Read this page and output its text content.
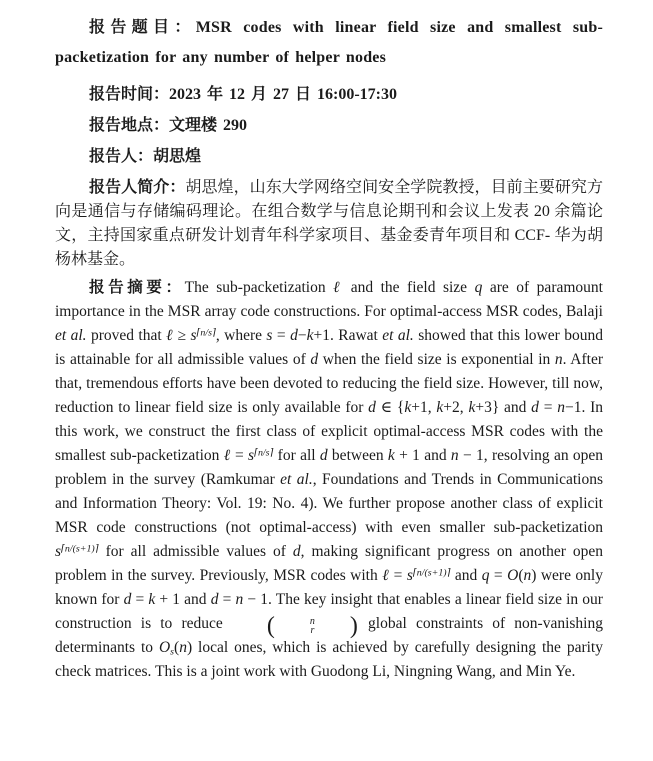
报告题目：MSR codes with linear field size and smallest sub-packetization for any number of helper nodes

报告时间：2023 年 12 月 27 日 16:00-17:30

报告地点：文理楼 290

报告人：胡思煌

报告人简介：胡思煌，山东大学网络空间安全学院教授，目前主要研究方向是通信与存储编码理论。在组合数学与信息论期刊和会议上发表 20 余篇论文，主持国家重点研发计划青年科学家项目、基金委青年项目和 CCF- 华为胡杨林基金。

报告摘要：The sub-packetization ℓ and the field size q are of paramount importance in the MSR array code constructions. For optimal-access MSR codes, Balaji et al. proved that ℓ ≥ $s^{⌈n/s⌉}$, where s = d−k+1. Rawat et al. showed that this lower bound is attainable for all admissible values of d when the field size is exponential in n. After that, tremendous efforts have been devoted to reducing the field size. However, till now, reduction to linear field size is only available for d ∈ {k+1, k+2, k+3} and d = n−1. In this work, we construct the first class of explicit optimal-access MSR codes with the smallest sub-packetization ℓ = $s^{⌈n/s⌉}$ for all d between k + 1 and n − 1, resolving an open problem in the survey (Ramkumar et al., Foundations and Trends in Communications and Information Theory: Vol. 19: No. 4). We further propose another class of explicit MSR code constructions (not optimal-access) with even smaller sub-packetization $s^{⌈n/(s+1)⌉}$ for all admissible values of d, making significant progress on another open problem in the survey. Previously, MSR codes with ℓ = $s^{⌈n/(s+1)⌉}$ and q = O(n) were only known for d = k + 1 and d = n − 1. The key insight that enables a linear field size in our construction is to reduce	(	n
r	) global constraints of non-vanishing determinants to $O_s(n)$ local ones, which is achieved by carefully designing the parity check matrices. This is a joint work with Guodong Li, Ningning Wang, and Min Ye.
